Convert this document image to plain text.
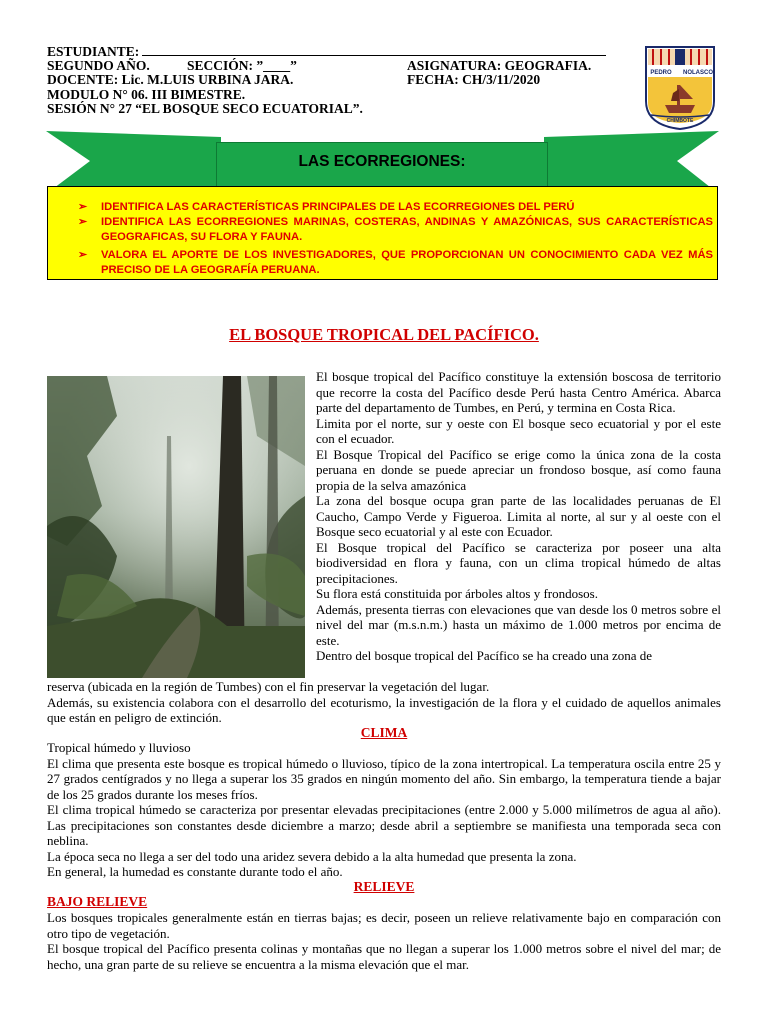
ESTUDIANTE:
SEGUNDO AÑO.	SECCIÓN: ”____”	ASIGNATURA: GEOGRAFIA.
DOCENTE: Lic. M.LUIS URBINA JARA.	FECHA: CH/3/11/2020
MODULO N° 06. III BIMESTRE.
SESIÓN N° 27 “EL BOSQUE SECO ECUATORIAL”.
PEDRO NOLASCO
CHIMBOTE
LAS ECORREGIONES:
➢ IDENTIFICA LAS CARACTERÍSTICAS PRINCIPALES DE LAS ECORREGIONES DEL PERÚ
➢ IDENTIFICA LAS ECORREGIONES MARINAS, COSTERAS, ANDINAS Y AMAZÓNICAS, SUS CARACTERÍSTICAS GEOGRAFICAS, SU FLORA Y FAUNA.
➢ VALORA EL APORTE DE LOS INVESTIGADORES, QUE PROPORCIONAN UN CONOCIMIENTO CADA VEZ MÁS PRECISO DE LA GEOGRAFÍA PERUANA.
EL BOSQUE TROPICAL DEL PACÍFICO.

El bosque tropical del Pacífico constituye la extensión boscosa de territorio que recorre la costa del Pacífico desde Perú hasta Centro América. Abarca parte del departamento de Tumbes, en Perú, y termina en Costa Rica.

Limita por el norte, sur y oeste con El bosque seco ecuatorial y por el este con el ecuador.

El Bosque Tropical del Pacífico se erige como la única zona de la costa peruana en donde se puede apreciar un frondoso bosque, así como fauna propia de la selva amazónica

La zona del bosque ocupa gran parte de las localidades peruanas de El Caucho, Campo Verde y Figueroa. Limita al norte, al sur y al oeste con el Bosque seco ecuatorial y al este con Ecuador.

El Bosque tropical del Pacífico se caracteriza por poseer una alta biodiversidad en flora y fauna, con un clima tropical húmedo de altas precipitaciones.

Su flora está constituida por árboles altos y frondosos.

Además, presenta tierras con elevaciones que van desde los 0 metros sobre el nivel del mar (m.s.n.m.) hasta un máximo de 1.000 metros por encima de este.

Dentro del bosque tropical del Pacífico se ha creado una zona de

reserva (ubicada en la región de Tumbes) con el fin preservar la vegetación del lugar.

Además, su existencia colabora con el desarrollo del ecoturismo, la investigación de la flora y el cuidado de aquellos animales que están en peligro de extinción.

CLIMA

Tropical húmedo y lluvioso

El clima que presenta este bosque es tropical húmedo o lluvioso, típico de la zona intertropical. La temperatura oscila entre 25 y 27 grados centígrados y no llega a superar los 35 grados en ningún momento del año. Sin embargo, la temperatura tiende a bajar de los 25 grados durante los meses fríos.

El clima tropical húmedo se caracteriza por presentar elevadas precipitaciones (entre 2.000 y 5.000 milímetros de agua al año). Las precipitaciones son constantes desde diciembre a marzo; desde abril a septiembre se manifiesta una temporada seca con neblina.

La época seca no llega a ser del todo una aridez severa debido a la alta humedad que presenta la zona.

En general, la humedad es constante durante todo el año.

RELIEVE
BAJO RELIEVE

Los bosques tropicales generalmente están en tierras bajas; es decir, poseen un relieve relativamente bajo en comparación con otro tipo de vegetación.

El bosque tropical del Pacífico presenta colinas y montañas que no llegan a superar los 1.000 metros sobre el nivel del mar; de hecho, una gran parte de su relieve se encuentra a la misma elevación que el mar.
